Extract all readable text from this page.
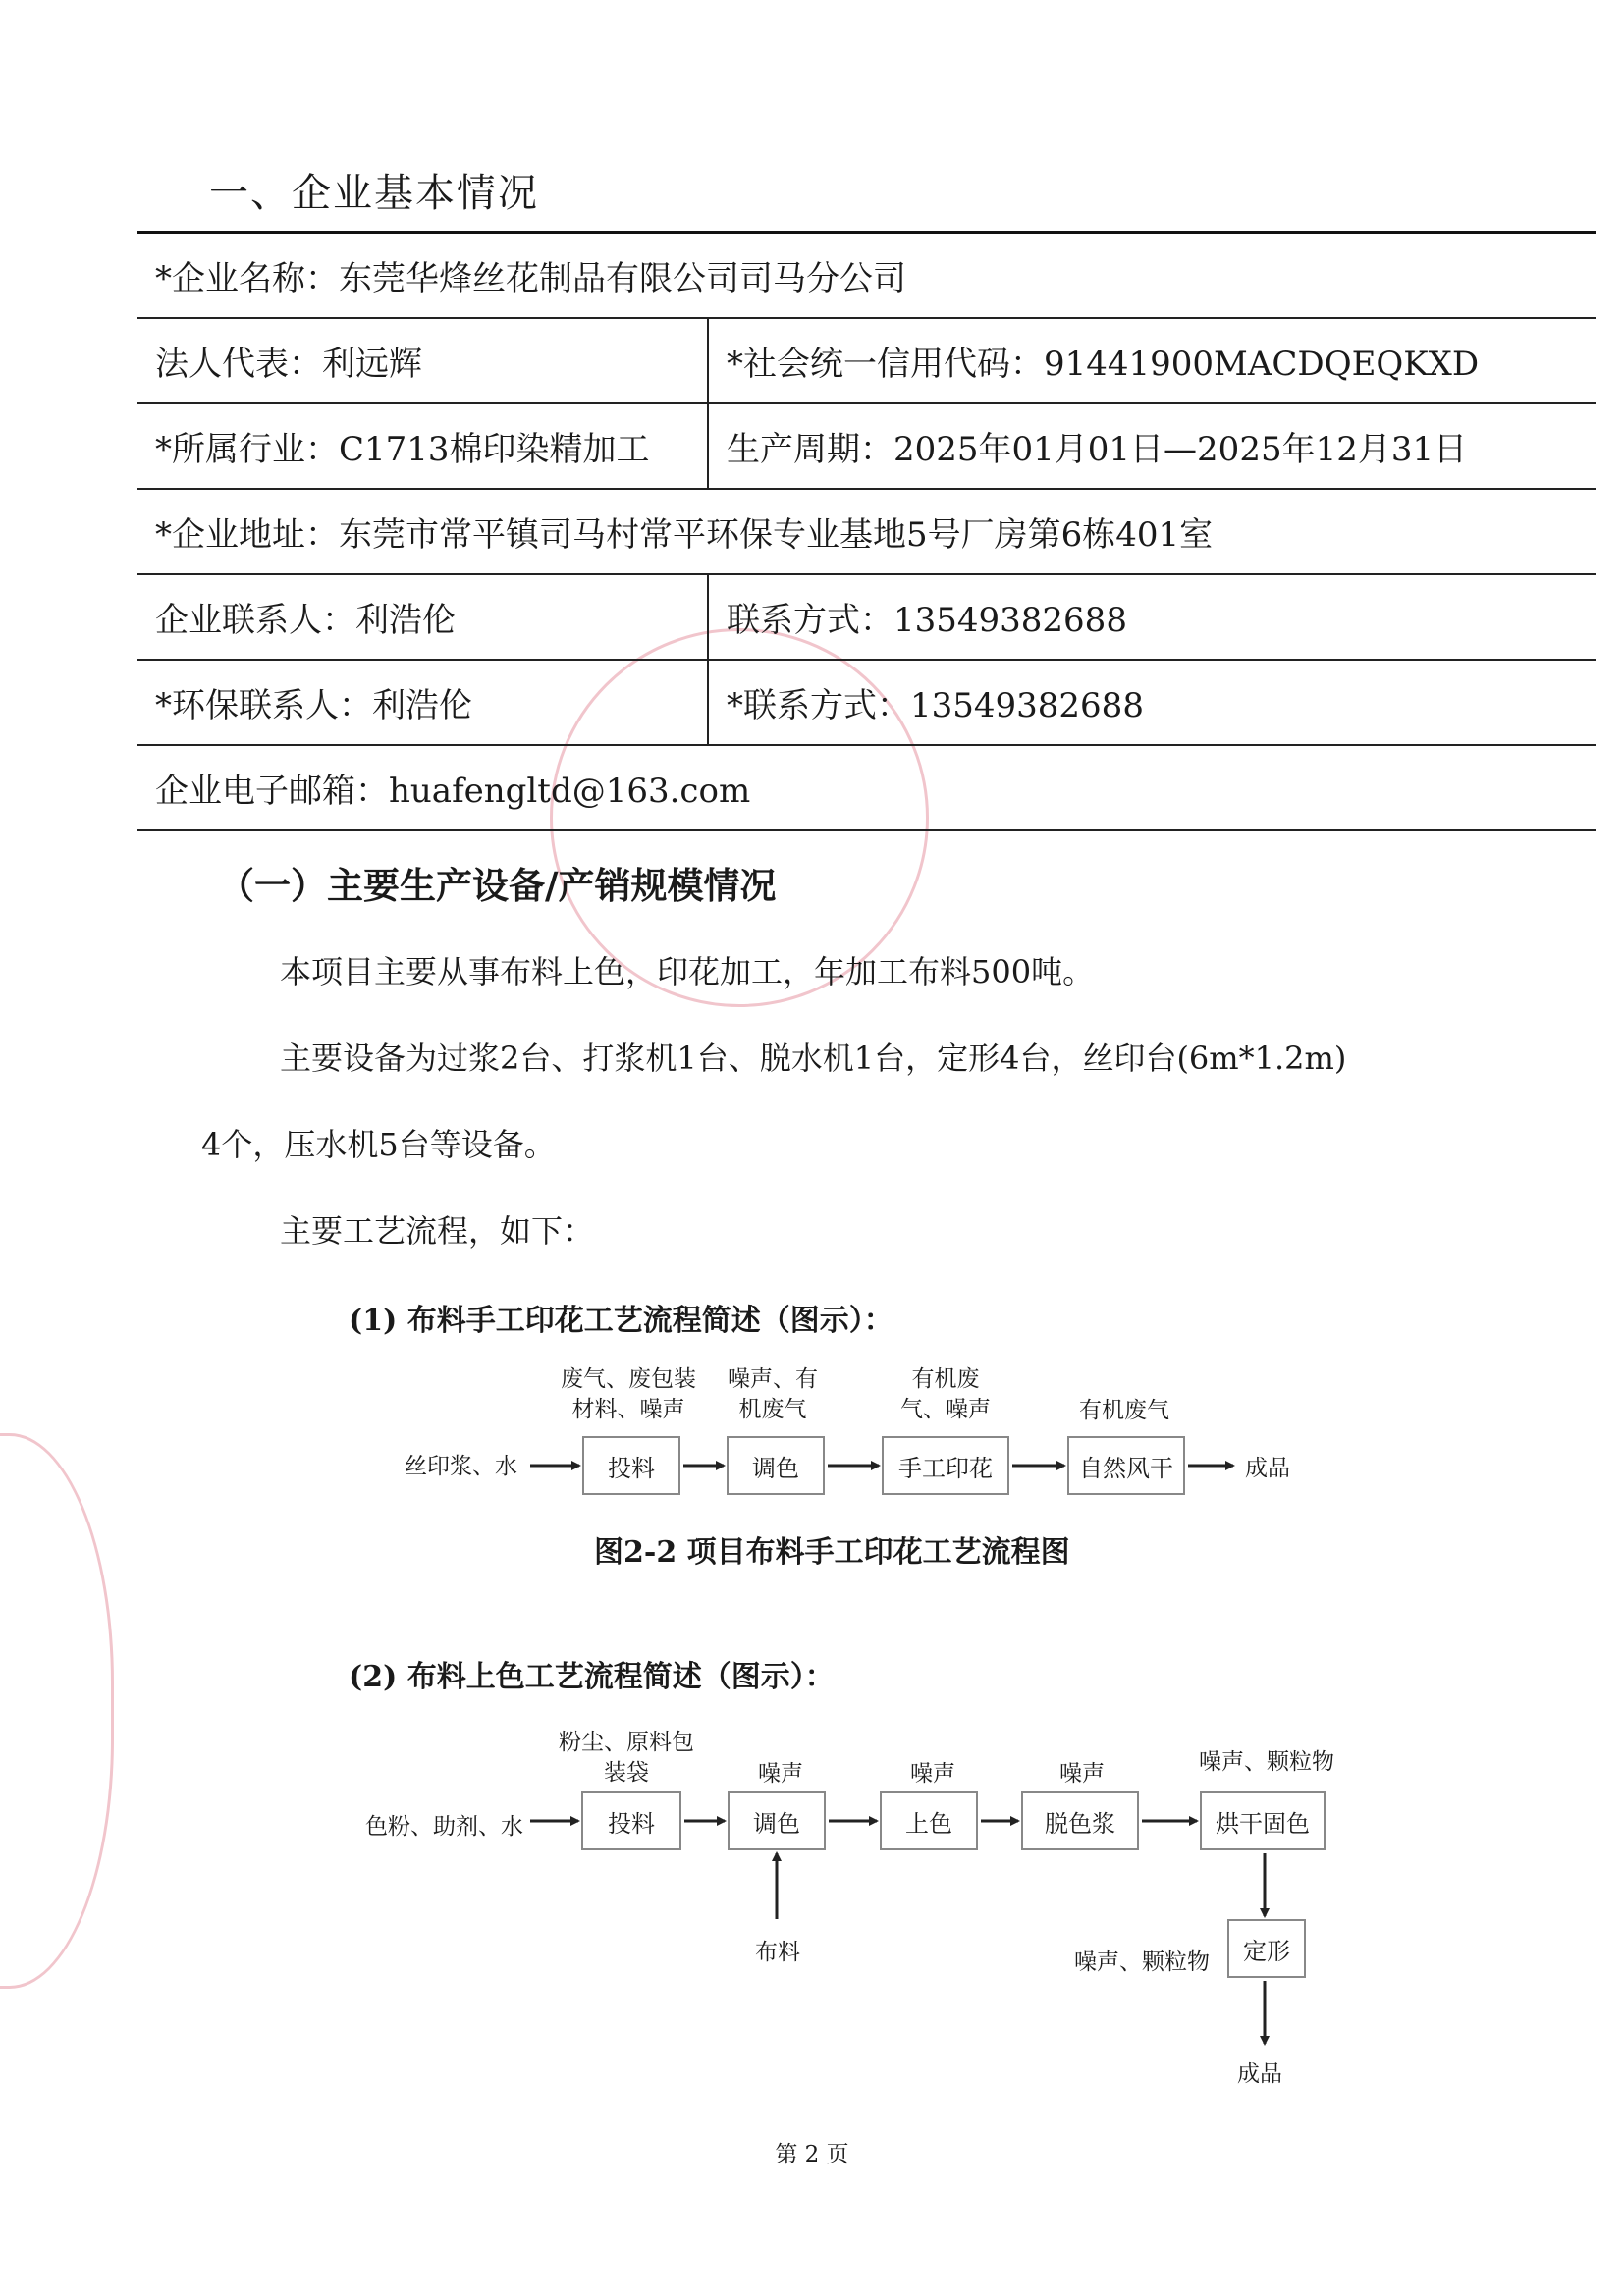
一、企业基本情况
*企业名称：东莞华烽丝花制品有限公司司马分公司	
法人代表：利远辉	*社会统一信用代码：91441900MACDQEQKXD
*所属行业：C1713棉印染精加工	生产周期：2025年01月01日—2025年12月31日
*企业地址：东莞市常平镇司马村常平环保专业基地5号厂房第6栋401室	
企业联系人：利浩伦	联系方式：13549382688
*环保联系人：利浩伦	*联系方式：13549382688
企业电子邮箱：huafengltd@163.com	
（一）主要生产设备/产销规模情况
本项目主要从事布料上色，印花加工，年加工布料500吨。
主要设备为过浆2台、打浆机1台、脱水机1台，定形4台，丝印台(6m*1.2m)
4个，压水机5台等设备。
主要工艺流程，如下：
(1) 布料手工印花工艺流程简述（图示）：
丝印浆、水
废气、废包装
材料、噪声
噪声、有
机废气
有机废
气、噪声	有机废气
投料	调色	手工印花	自然风干	成品
图2-2 项目布料手工印花工艺流程图
(2) 布料上色工艺流程简述（图示）：
色粉、助剂、水
粉尘、原料包
装袋	噪声	噪声	噪声	噪声、颗粒物
投料	调色	上色	脱色浆	烘干固色
布料	噪声、颗粒物	定形
成品
第 2 页
